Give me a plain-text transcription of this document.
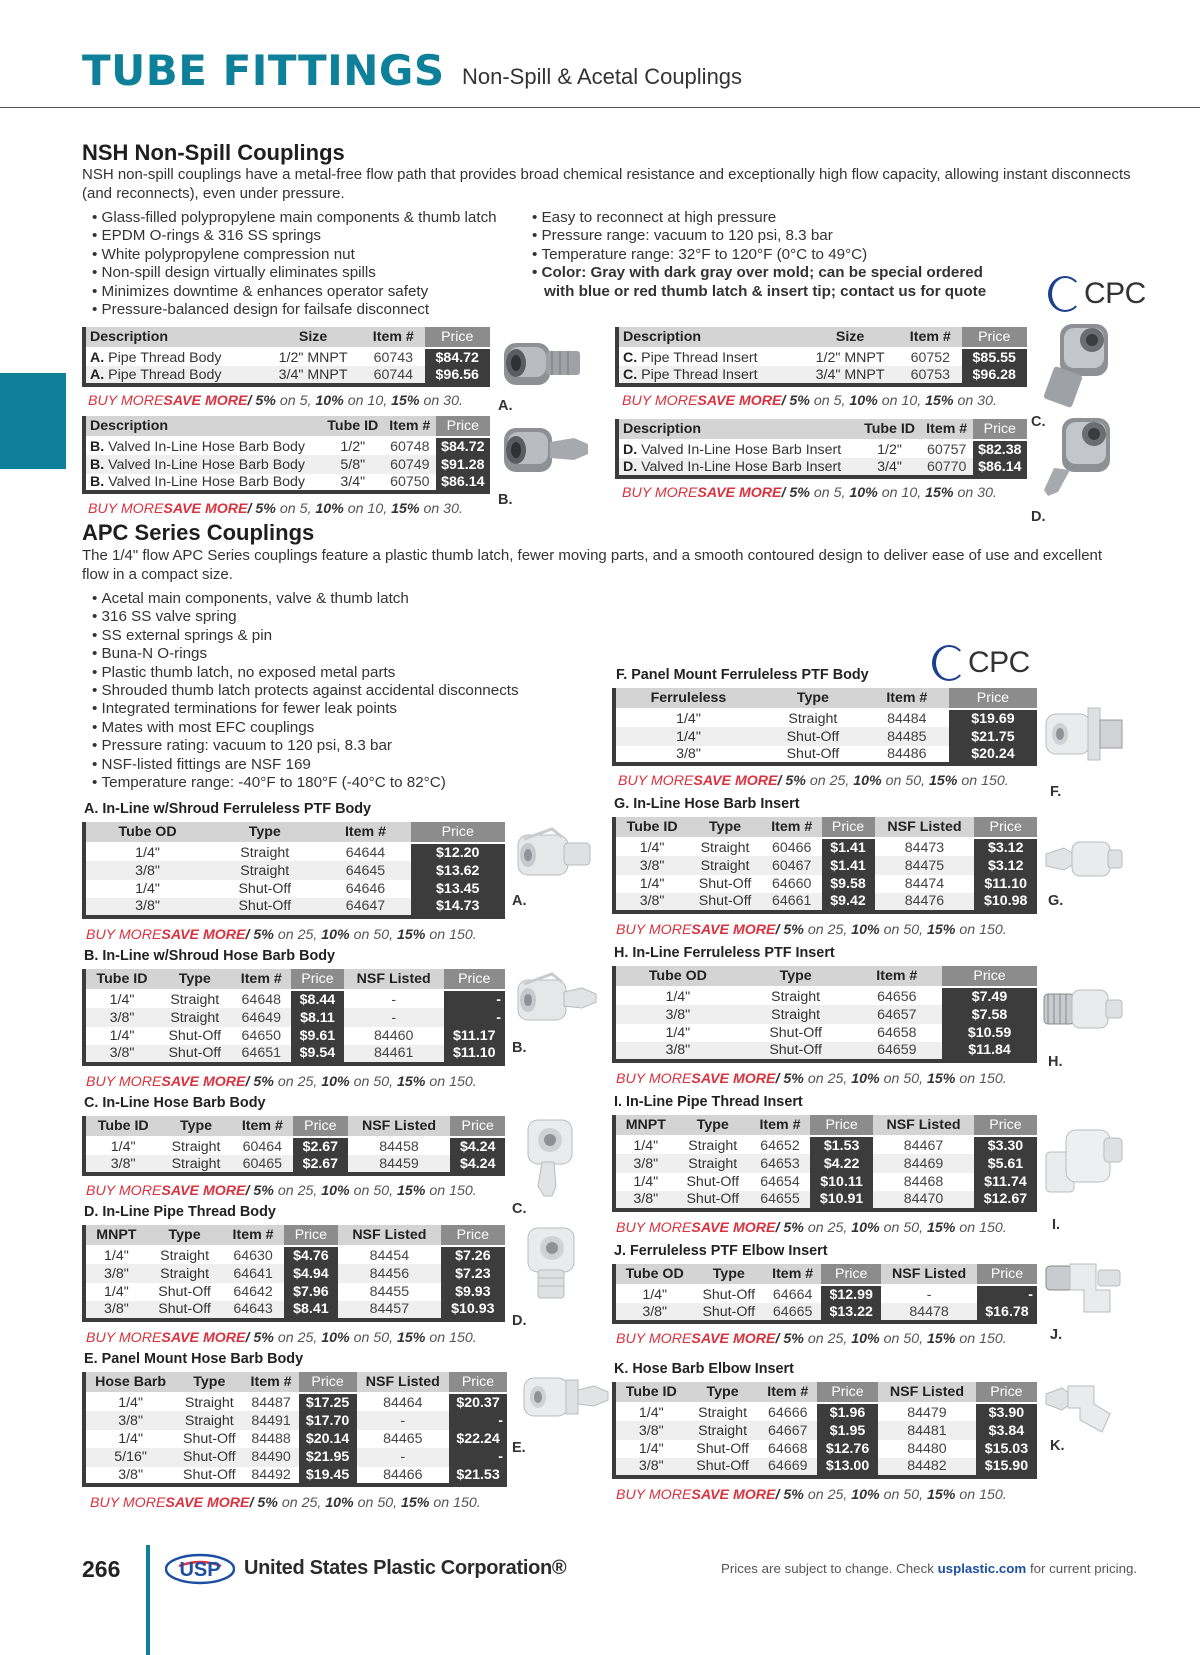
TUBE FITTINGS Non-Spill & Acetal Couplings
NSH Non-Spill Couplings
NSH non-spill couplings have a metal-free flow path that provides broad chemical resistance and exceptionally high flow capacity, allowing instant disconnects (and reconnects), even under pressure.
• Glass-filled polypropylene main components & thumb latch
• EPDM O-rings & 316 SS springs
• White polypropylene compression nut
• Non-spill design virtually eliminates spills
• Minimizes downtime & enhances operator safety
• Pressure-balanced design for failsafe disconnect
• Easy to reconnect at high pressure
• Pressure range: vacuum to 120 psi, 8.3 bar
• Temperature range: 32°F to 120°F (0°C to 49°C)
• Color: Gray with dark gray over mold; can be special ordered
with blue or red thumb latch & insert tip; contact us for quote	CPC
Description	Size	Item #	Price
A. Pipe Thread Body	1/2" MNPT	60743	$84.72
A. Pipe Thread Body	3/4" MNPT	60744	$96.56
BUY MORESAVE MORE/ 5% on 5, 10% on 10, 15% on 30.
Description	Tube ID	Item #	Price
B. Valved In-Line Hose Barb Body	1/2"	60748	$84.72
B. Valved In-Line Hose Barb Body	5/8"	60749	$91.28
B. Valved In-Line Hose Barb Body	3/4"	60750	$86.14
BUY MORESAVE MORE/ 5% on 5, 10% on 10, 15% on 30.
Description	Size	Item #	Price
C. Pipe Thread Insert	1/2" MNPT	60752	$85.55
C. Pipe Thread Insert	3/4" MNPT	60753	$96.28
BUY MORESAVE MORE/ 5% on 5, 10% on 10, 15% on 30.
Description	Tube ID	Item #	Price
D. Valved In-Line Hose Barb Insert	1/2"	60757	$82.38
D. Valved In-Line Hose Barb Insert	3/4"	60770	$86.14
BUY MORESAVE MORE/ 5% on 5, 10% on 10, 15% on 30.
A.
B.
C.
D.
APC Series Couplings
The 1/4" flow APC Series couplings feature a plastic thumb latch, fewer moving parts, and a smooth contoured design to deliver ease of use and excellent flow in a compact size.
• Acetal main components, valve & thumb latch
• 316 SS valve spring
• SS external springs & pin
• Buna-N O-rings
• Plastic thumb latch, no exposed metal parts
• Shrouded thumb latch protects against accidental disconnects
• Integrated terminations for fewer leak points
• Mates with most EFC couplings
• Pressure rating: vacuum to 120 psi, 8.3 bar
• NSF-listed fittings are NSF 169
• Temperature range: -40°F to 180°F (-40°C to 82°C)
CPC
A. In-Line w/Shroud Ferruleless PTF Body
Tube OD	Type	Item #	Price
1/4"	Straight	64644	$12.20
3/8"	Straight	64645	$13.62
1/4"	Shut-Off	64646	$13.45
3/8"	Shut-Off	64647	$14.73
BUY MORESAVE MORE/ 5% on 25, 10% on 50, 15% on 150.
B. In-Line w/Shroud Hose Barb Body
Tube ID	Type	Item #	Price	NSF Listed	Price
1/4"	Straight	64648	$8.44	-	-
3/8"	Straight	64649	$8.11	-	-
1/4"	Shut-Off	64650	$9.61	84460	$11.17
3/8"	Shut-Off	64651	$9.54	84461	$11.10
BUY MORESAVE MORE/ 5% on 25, 10% on 50, 15% on 150.
C. In-Line Hose Barb Body
Tube ID	Type	Item #	Price	NSF Listed	Price
1/4"	Straight	60464	$2.67	84458	$4.24
3/8"	Straight	60465	$2.67	84459	$4.24
BUY MORESAVE MORE/ 5% on 25, 10% on 50, 15% on 150.
D. In-Line Pipe Thread Body
MNPT	Type	Item #	Price	NSF Listed	Price
1/4"	Straight	64630	$4.76	84454	$7.26
3/8"	Straight	64641	$4.94	84456	$7.23
1/4"	Shut-Off	64642	$7.96	84455	$9.93
3/8"	Shut-Off	64643	$8.41	84457	$10.93
BUY MORESAVE MORE/ 5% on 25, 10% on 50, 15% on 150.
E. Panel Mount Hose Barb Body
Hose Barb	Type	Item #	Price	NSF Listed	Price
1/4"	Straight	84487	$17.25	84464	$20.37
3/8"	Straight	84491	$17.70	-	-
1/4"	Shut-Off	84488	$20.14	84465	$22.24
5/16"	Shut-Off	84490	$21.95	-	-
3/8"	Shut-Off	84492	$19.45	84466	$21.53
BUY MORESAVE MORE/ 5% on 25, 10% on 50, 15% on 150.
F. Panel Mount Ferruleless PTF Body
Ferruleless	Type	Item #	Price
1/4"	Straight	84484	$19.69
1/4"	Shut-Off	84485	$21.75
3/8"	Shut-Off	84486	$20.24
BUY MORESAVE MORE/ 5% on 25, 10% on 50, 15% on 150.
G. In-Line Hose Barb Insert
Tube ID	Type	Item #	Price	NSF Listed	Price
1/4"	Straight	60466	$1.41	84473	$3.12
3/8"	Straight	60467	$1.41	84475	$3.12
1/4"	Shut-Off	64660	$9.58	84474	$11.10
3/8"	Shut-Off	64661	$9.42	84476	$10.98
BUY MORESAVE MORE/ 5% on 25, 10% on 50, 15% on 150.
H. In-Line Ferruleless PTF Insert
Tube OD	Type	Item #	Price
1/4"	Straight	64656	$7.49
3/8"	Straight	64657	$7.58
1/4"	Shut-Off	64658	$10.59
3/8"	Shut-Off	64659	$11.84
BUY MORESAVE MORE/ 5% on 25, 10% on 50, 15% on 150.
I. In-Line Pipe Thread Insert
MNPT	Type	Item #	Price	NSF Listed	Price
1/4"	Straight	64652	$1.53	84467	$3.30
3/8"	Straight	64653	$4.22	84469	$5.61
1/4"	Shut-Off	64654	$10.11	84468	$11.74
3/8"	Shut-Off	64655	$10.91	84470	$12.67
BUY MORESAVE MORE/ 5% on 25, 10% on 50, 15% on 150.
J. Ferruleless PTF Elbow Insert
Tube OD	Type	Item #	Price	NSF Listed	Price
1/4"	Shut-Off	64664	$12.99	-	-
3/8"	Shut-Off	64665	$13.22	84478	$16.78
BUY MORESAVE MORE/ 5% on 25, 10% on 50, 15% on 150.
K. Hose Barb Elbow Insert
Tube ID	Type	Item #	Price	NSF Listed	Price
1/4"	Straight	64666	$1.96	84479	$3.90
3/8"	Straight	64667	$1.95	84481	$3.84
1/4"	Shut-Off	64668	$12.76	84480	$15.03
3/8"	Shut-Off	64669	$13.00	84482	$15.90
BUY MORESAVE MORE/ 5% on 25, 10% on 50, 15% on 150.
A.
B.
C.
D.
E.
F.
G.
H.
I.
J.
K.
266	USP United States Plastic Corporation®	Prices are subject to change. Check usplastic.com for current pricing.
